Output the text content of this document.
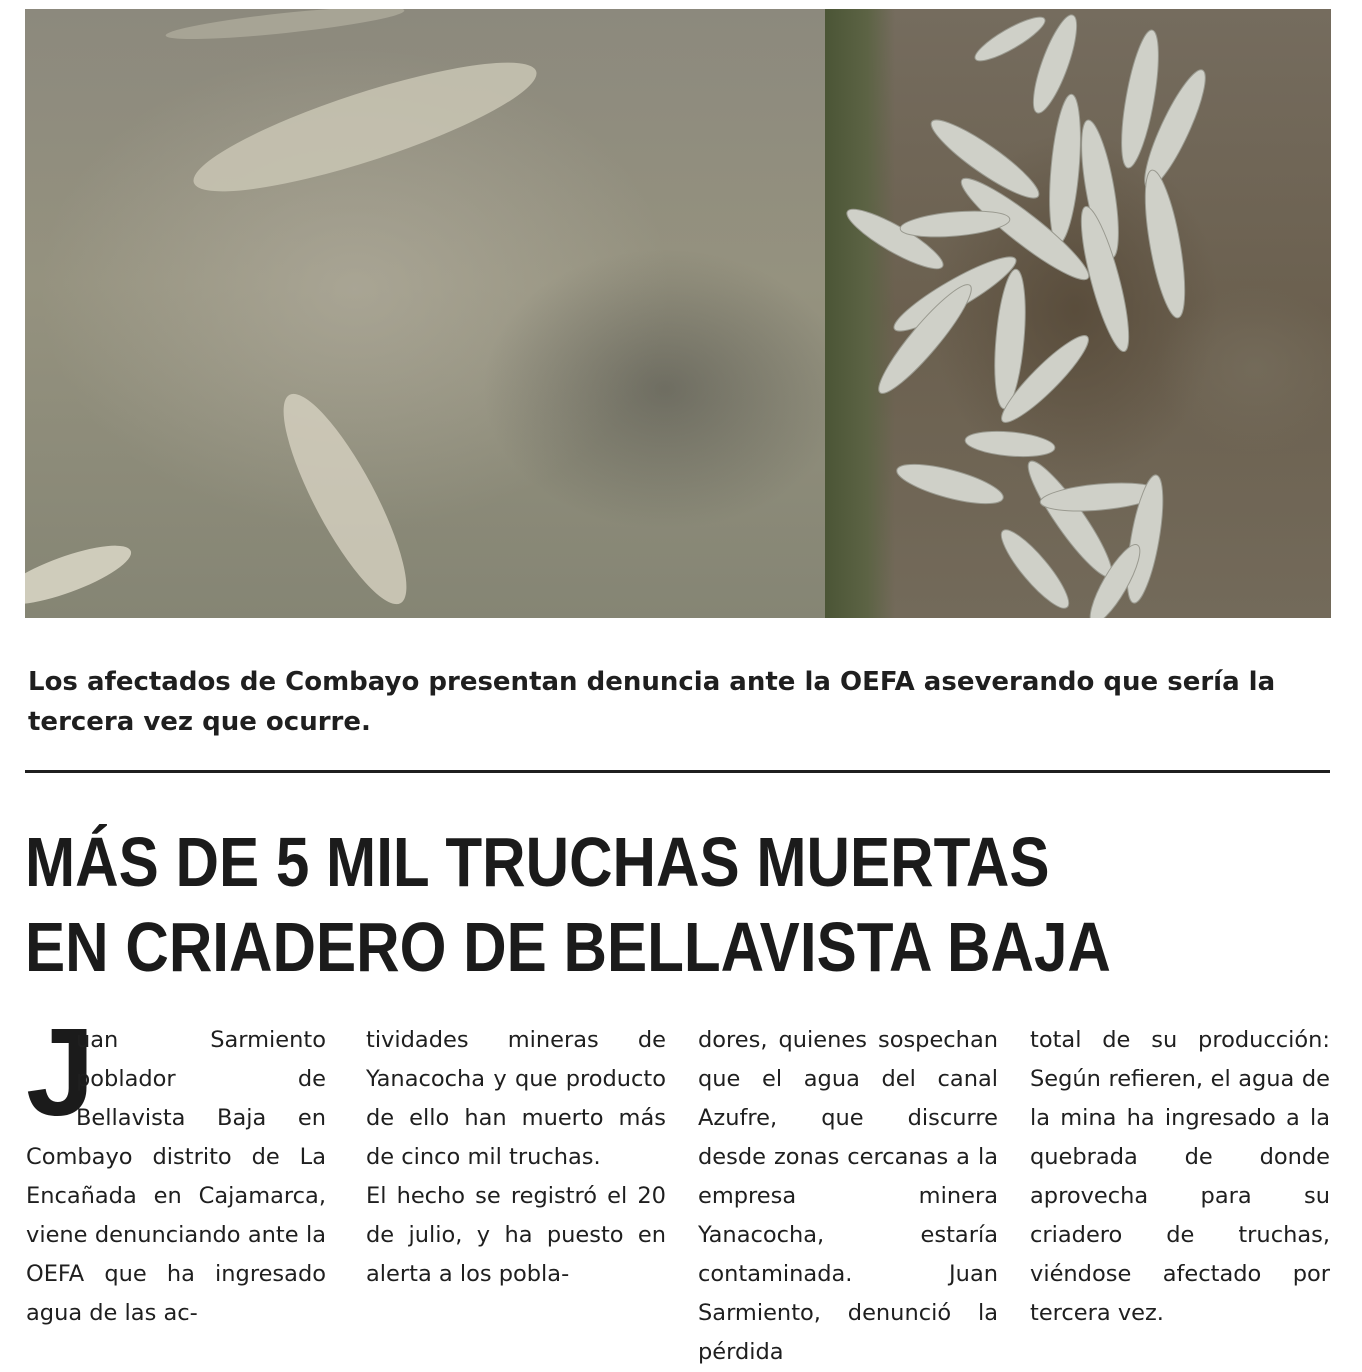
Los afectados de Combayo presentan denuncia ante la OEFA aseverando que sería la tercera vez que ocurre.

MÁS DE 5 MIL TRUCHAS MUERTAS
EN CRIADERO DE BELLAVISTA BAJA
J
uan Sarmiento poblador de Bellavista Baja en Combayo distrito de La Encañada en Cajamarca, viene denunciando ante la OEFA que ha ingresado agua de las ac-

tividades mineras de Yanacocha y que producto de ello han muerto más de cinco mil truchas.

El hecho se registró el 20 de julio, y ha puesto en alerta a los pobla-

dores, quienes sospechan que el agua del canal Azufre, que discurre desde zonas cercanas a la empresa minera Yanacocha, estaría contaminada. Juan Sarmiento, denunció la pérdida

total de su producción: Según refieren, el agua de la mina ha ingresado a la quebrada de donde aprovecha para su criadero de truchas, viéndose afectado por tercera vez.
